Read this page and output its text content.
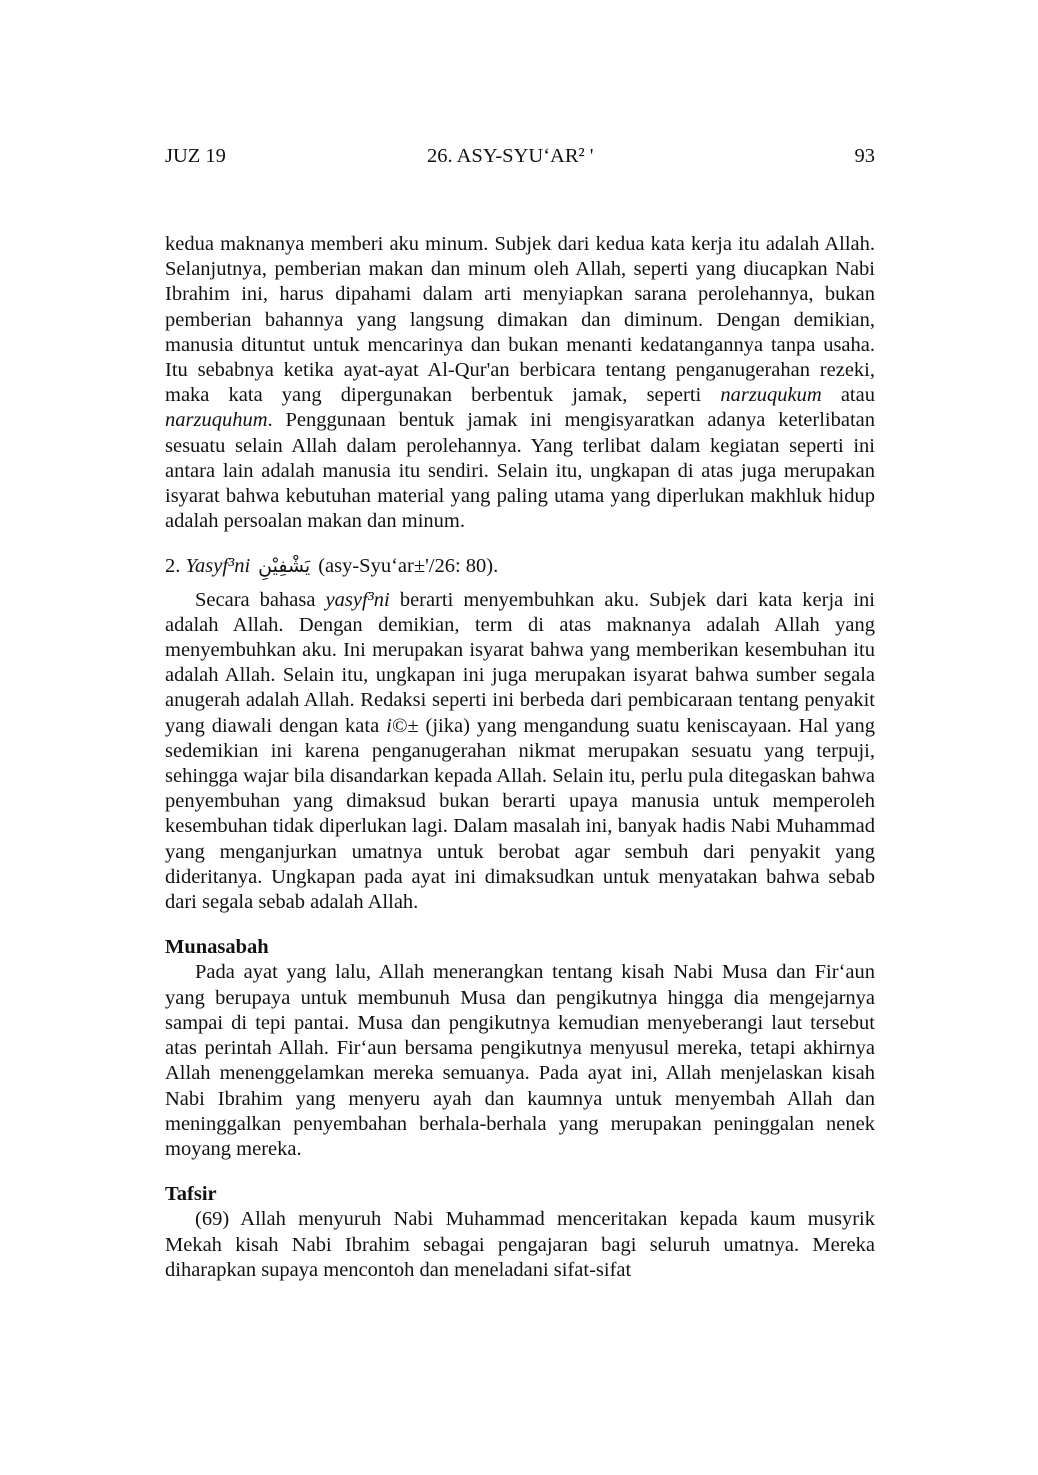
JUZ 19	26. ASY-SYU‘AR² '	93

kedua maknanya memberi aku minum. Subjek dari kedua kata kerja itu adalah Allah. Selanjutnya, pemberian makan dan minum oleh Allah, seperti yang diucapkan Nabi Ibrahim ini, harus dipahami dalam arti menyiapkan sarana perolehannya, bukan pemberian bahannya yang langsung dimakan dan diminum. Dengan demikian, manusia dituntut untuk mencarinya dan bukan menanti kedatangannya tanpa usaha. Itu sebabnya ketika ayat-ayat Al-Qur'an berbicara tentang penganugerahan rezeki, maka kata yang dipergunakan berbentuk jamak, seperti narzuqukum atau narzuquhum. Penggunaan bentuk jamak ini mengisyaratkan adanya keterlibatan sesuatu selain Allah dalam perolehannya. Yang terlibat dalam kegiatan seperti ini antara lain adalah manusia itu sendiri. Selain itu, ungkapan di atas juga merupakan isyarat bahwa kebutuhan material yang paling utama yang diperlukan makhluk hidup adalah persoalan makan dan minum.

2. Yasyf³ni يَشْفِيْنِ (asy-Syu‘ar±'/26: 80).

Secara bahasa yasyf³ni berarti menyembuhkan aku. Subjek dari kata kerja ini adalah Allah. Dengan demikian, term di atas maknanya adalah Allah yang menyembuhkan aku. Ini merupakan isyarat bahwa yang memberikan kesembuhan itu adalah Allah. Selain itu, ungkapan ini juga merupakan isyarat bahwa sumber segala anugerah adalah Allah. Redaksi seperti ini berbeda dari pembicaraan tentang penyakit yang diawali dengan kata i©± (jika) yang mengandung suatu keniscayaan. Hal yang sedemikian ini karena penganugerahan nikmat merupakan sesuatu yang terpuji, sehingga wajar bila disandarkan kepada Allah. Selain itu, perlu pula ditegaskan bahwa penyembuhan yang dimaksud bukan berarti upaya manusia untuk memperoleh kesembuhan tidak diperlukan lagi. Dalam masalah ini, banyak hadis Nabi Muhammad yang menganjurkan umatnya untuk berobat agar sembuh dari penyakit yang dideritanya. Ungkapan pada ayat ini dimaksudkan untuk menyatakan bahwa sebab dari segala sebab adalah Allah.

Munasabah

Pada ayat yang lalu, Allah menerangkan tentang kisah Nabi Musa dan Fir‘aun yang berupaya untuk membunuh Musa dan pengikutnya hingga dia mengejarnya sampai di tepi pantai. Musa dan pengikutnya kemudian menyeberangi laut tersebut atas perintah Allah. Fir‘aun bersama pengikutnya menyusul mereka, tetapi akhirnya Allah menenggelamkan mereka semuanya. Pada ayat ini, Allah menjelaskan kisah Nabi Ibrahim yang menyeru ayah dan kaumnya untuk menyembah Allah dan meninggalkan penyembahan berhala-berhala yang merupakan peninggalan nenek moyang mereka.

Tafsir

(69) Allah menyuruh Nabi Muhammad menceritakan kepada kaum musyrik Mekah kisah Nabi Ibrahim sebagai pengajaran bagi seluruh umatnya. Mereka diharapkan supaya mencontoh dan meneladani sifat-sifat
